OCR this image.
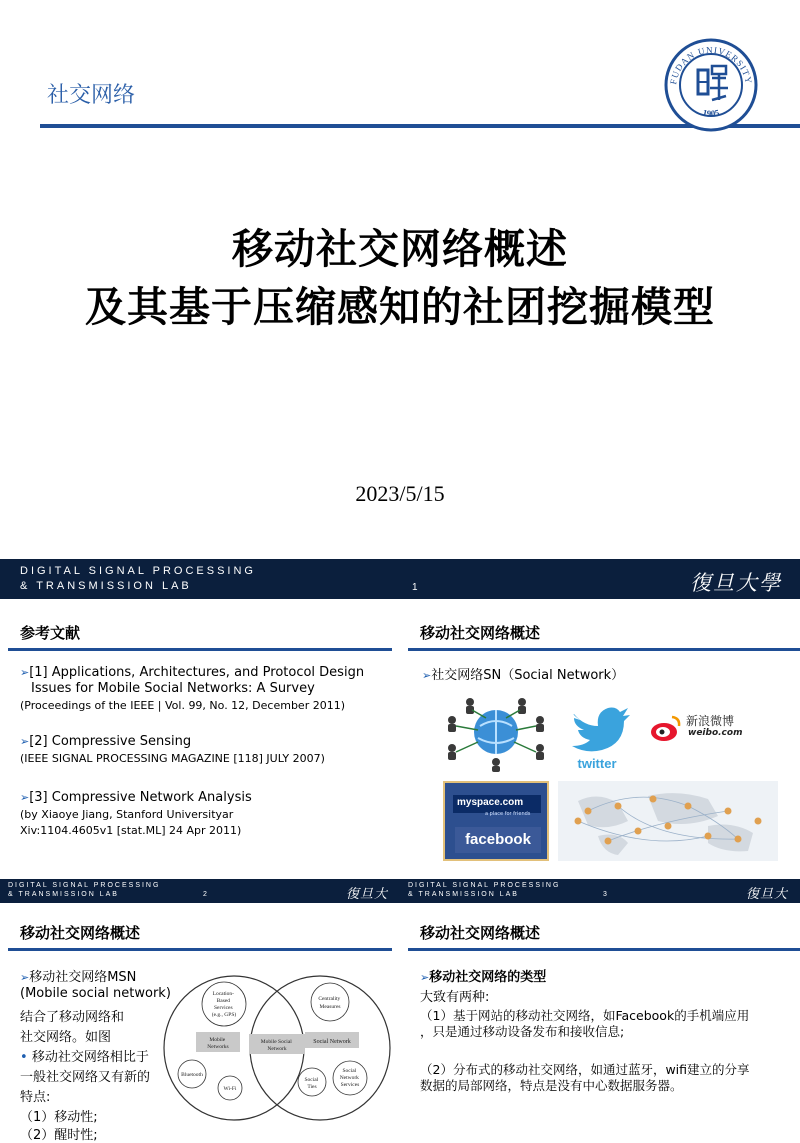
社交网络
FUDAN UNIVERSITY
1905
移动社交网络概述
及其基于压缩感知的社团挖掘模型
2023/5/15
DIGITAL SIGNAL PROCESSING
& TRANSMISSION LAB	1	復旦大學
参考文献
➢[1] Applications, Architectures, and Protocol Design
Issues for Mobile Social Networks: A Survey
(Proceedings of the IEEE | Vol. 99, No. 12, December 2011)
➢[2] Compressive Sensing
(IEEE SIGNAL PROCESSING MAGAZINE [118] JULY 2007)
➢[3] Compressive Network Analysis
(by Xiaoye Jiang, Stanford Universityar
Xiv:1104.4605v1 [stat.ML] 24 Apr 2011)
移动社交网络概述
➢社交网络SN（Social Network）
twitter
新浪微博
weibo.com
myspace.com
a place for friends
facebook
DIGITAL SIGNAL PROCESSING
& TRANSMISSION LAB	2	復旦大學
DIGITAL SIGNAL PROCESSING
& TRANSMISSION LAB	3	復旦大學
移动社交网络概述
➢移动社交网络MSN
(Mobile social network)
结合了移动网络和
社交网络。如图
• 移动社交网络相比于
一般社交网络又有新的
特点:
（1）移动性;
（2）醒时性;
Location- Based Services (e.g., GPS)
Centrality Measures
Mobile Networks
Mobile Social Network
Social Network
Bluetooth
Wi-Fi
Social Ties
Social Network Services
移动社交网络概述
➢移动社交网络的类型
大致有两种:
（1）基于网站的移动社交网络，如Facebook的手机端应用
，只是通过移动设备发布和接收信息;
（2）分布式的移动社交网络，如通过蓝牙，wifi建立的分享
数据的局部网络，特点是没有中心数据服务器。
